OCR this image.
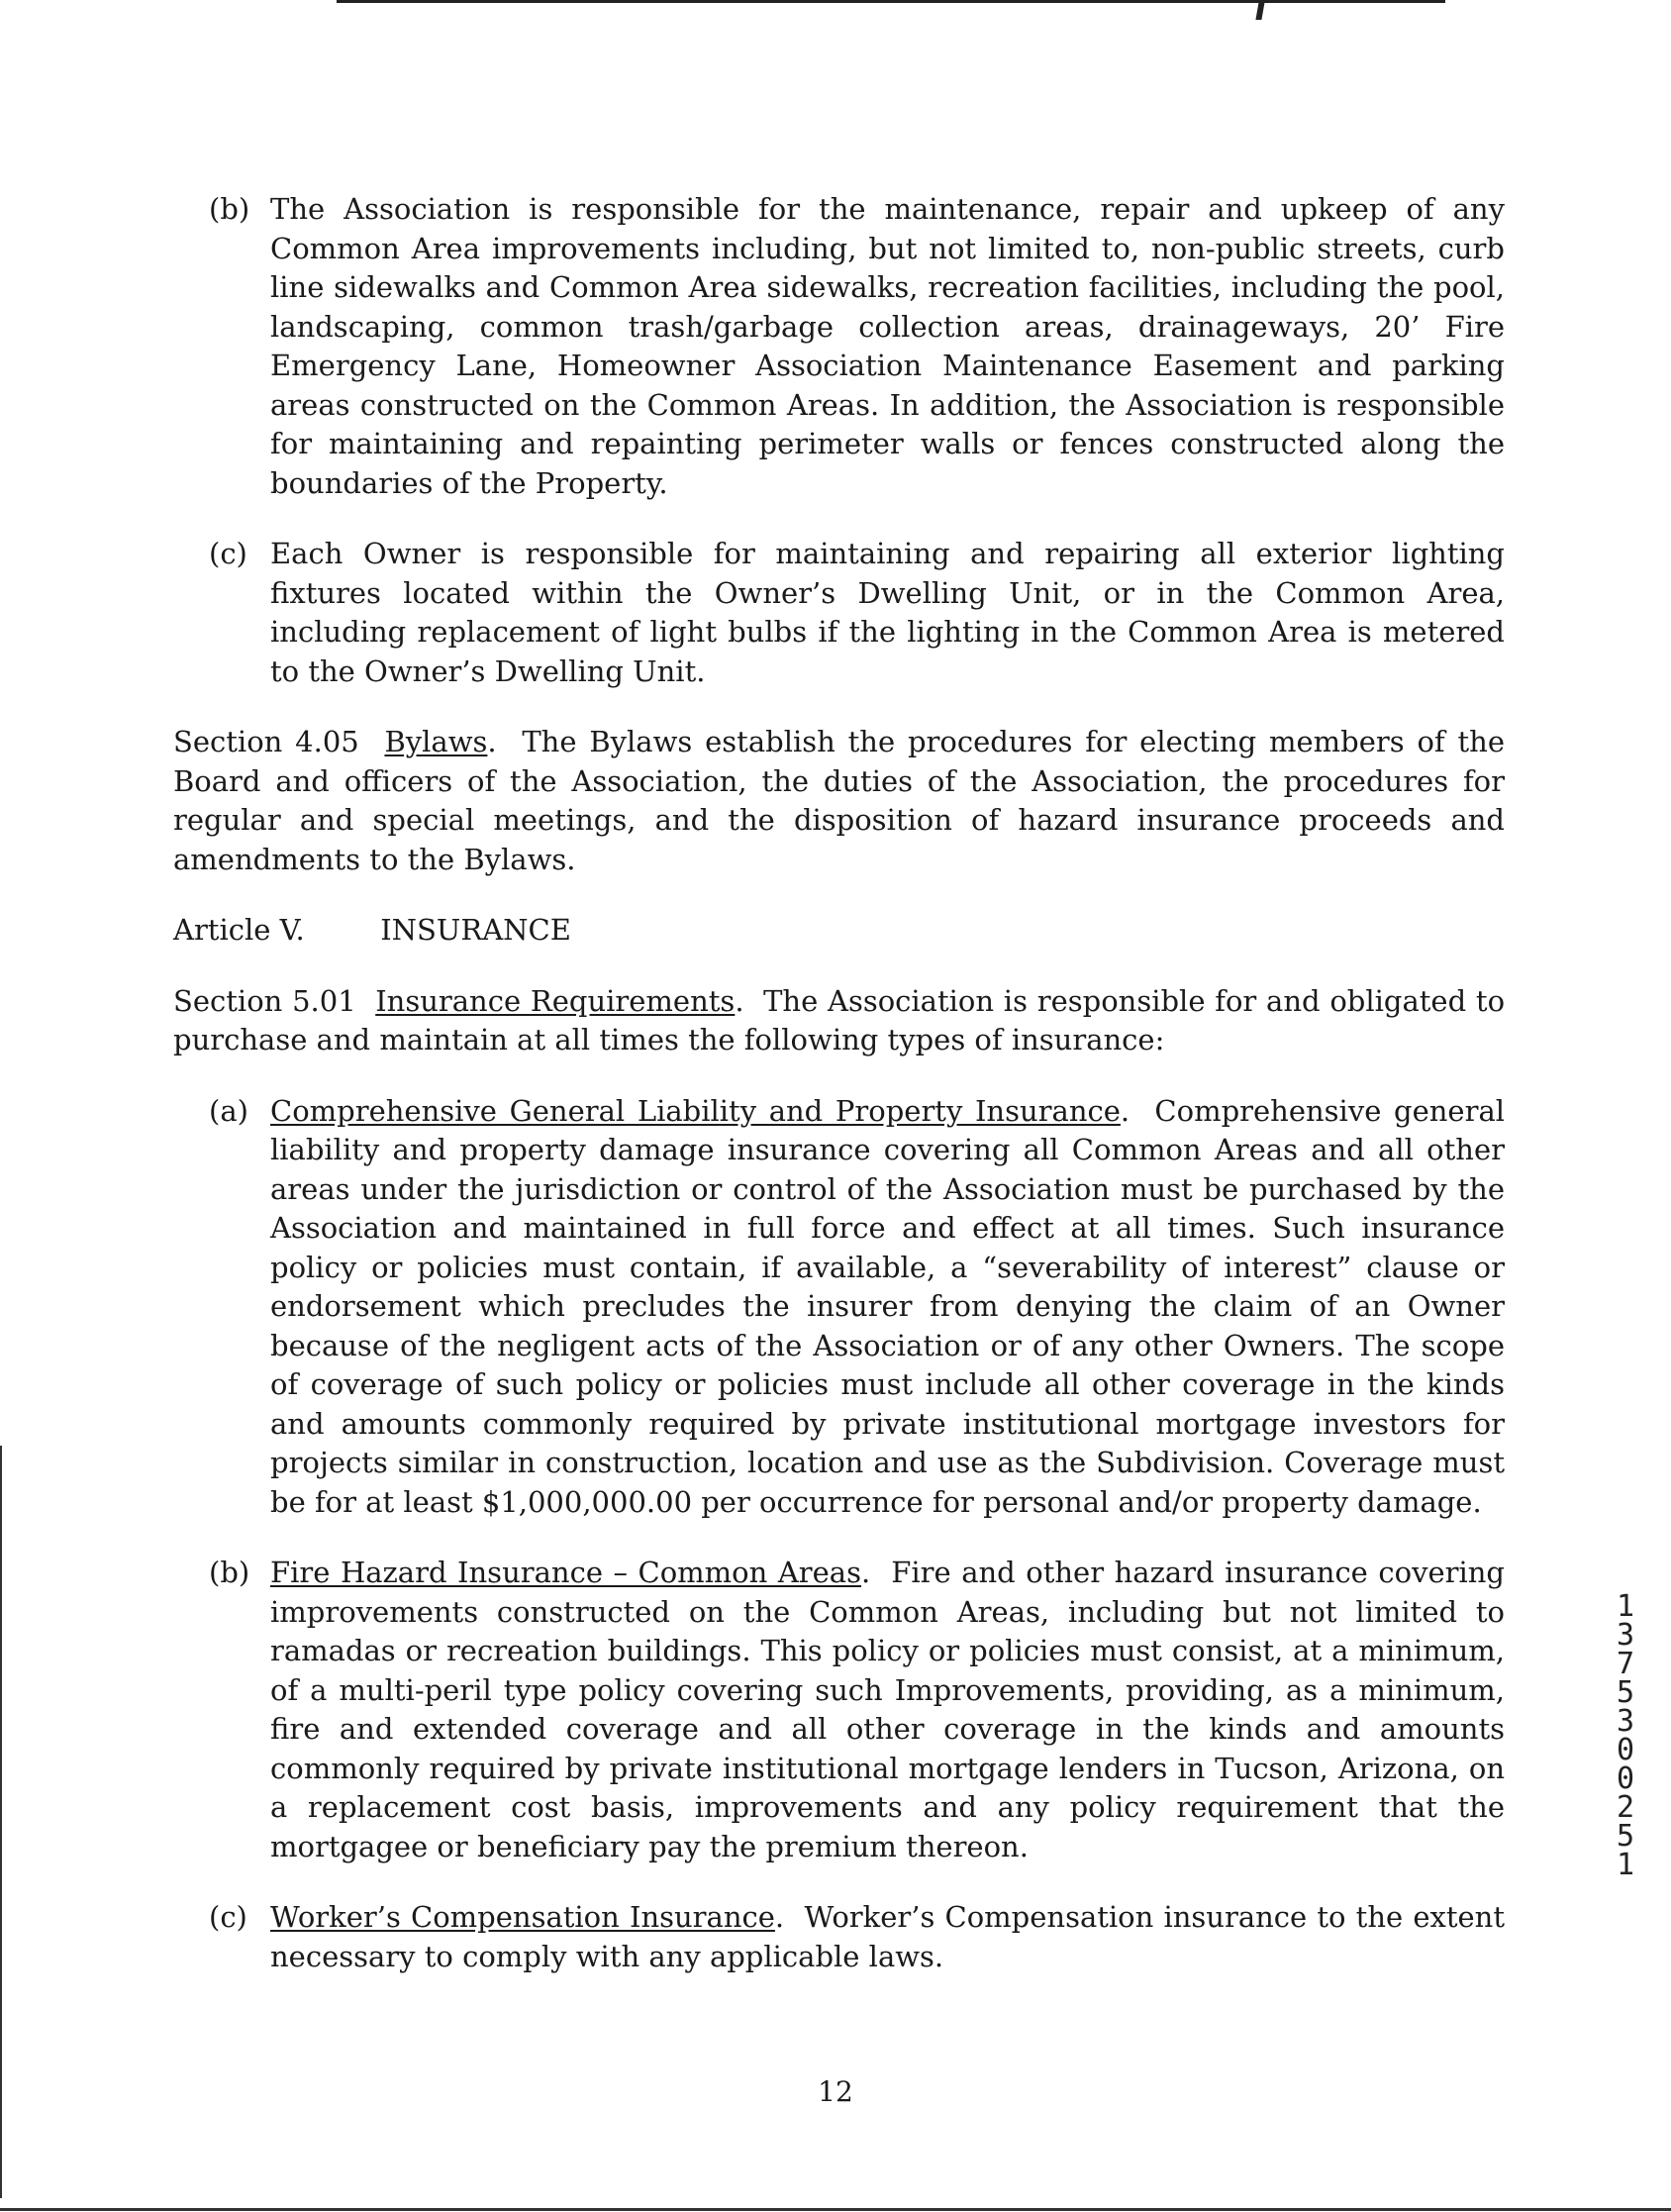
(b) The Association is responsible for the maintenance, repair and upkeep of any Common Area improvements including, but not limited to, non-public streets, curb line sidewalks and Common Area sidewalks, recreation facilities, including the pool, landscaping, common trash/garbage collection areas, drainageways, 20’ Fire Emergency Lane, Homeowner Association Maintenance Easement and parking areas constructed on the Common Areas. In addition, the Association is responsible for maintaining and repainting perimeter walls or fences constructed along the boundaries of the Property.
(c) Each Owner is responsible for maintaining and repairing all exterior lighting fixtures located within the Owner’s Dwelling Unit, or in the Common Area, including replacement of light bulbs if the lighting in the Common Area is metered to the Owner’s Dwelling Unit.
Section 4.05 Bylaws.  The Bylaws establish the procedures for electing members of the Board and officers of the Association, the duties of the Association, the procedures for regular and special meetings, and the disposition of hazard insurance proceeds and amendments to the Bylaws.
Article V.	INSURANCE
Section 5.01 Insurance Requirements.  The Association is responsible for and obligated to purchase and maintain at all times the following types of insurance:
(a) Comprehensive General Liability and Property Insurance.  Comprehensive general liability and property damage insurance covering all Common Areas and all other areas under the jurisdiction or control of the Association must be purchased by the Association and maintained in full force and effect at all times. Such insurance policy or policies must contain, if available, a “severability of interest” clause or endorsement which precludes the insurer from denying the claim of an Owner because of the negligent acts of the Association or of any other Owners. The scope of coverage of such policy or policies must include all other coverage in the kinds and amounts commonly required by private institutional mortgage investors for projects similar in construction, location and use as the Subdivision. Coverage must be for at least $1,000,000.00 per occurrence for personal and/or property damage.
(b) Fire Hazard Insurance – Common Areas.  Fire and other hazard insurance covering improvements constructed on the Common Areas, including but not limited to ramadas or recreation buildings. This policy or policies must consist, at a minimum, of a multi-peril type policy covering such Improvements, providing, as a minimum, fire and extended coverage and all other coverage in the kinds and amounts commonly required by private institutional mortgage lenders in Tucson, Arizona, on a replacement cost basis, improvements and any policy requirement that the mortgagee or beneficiary pay the premium thereon.
(c) Worker’s Compensation Insurance.  Worker’s Compensation insurance to the extent necessary to comply with any applicable laws.
12
13753 0025 1
